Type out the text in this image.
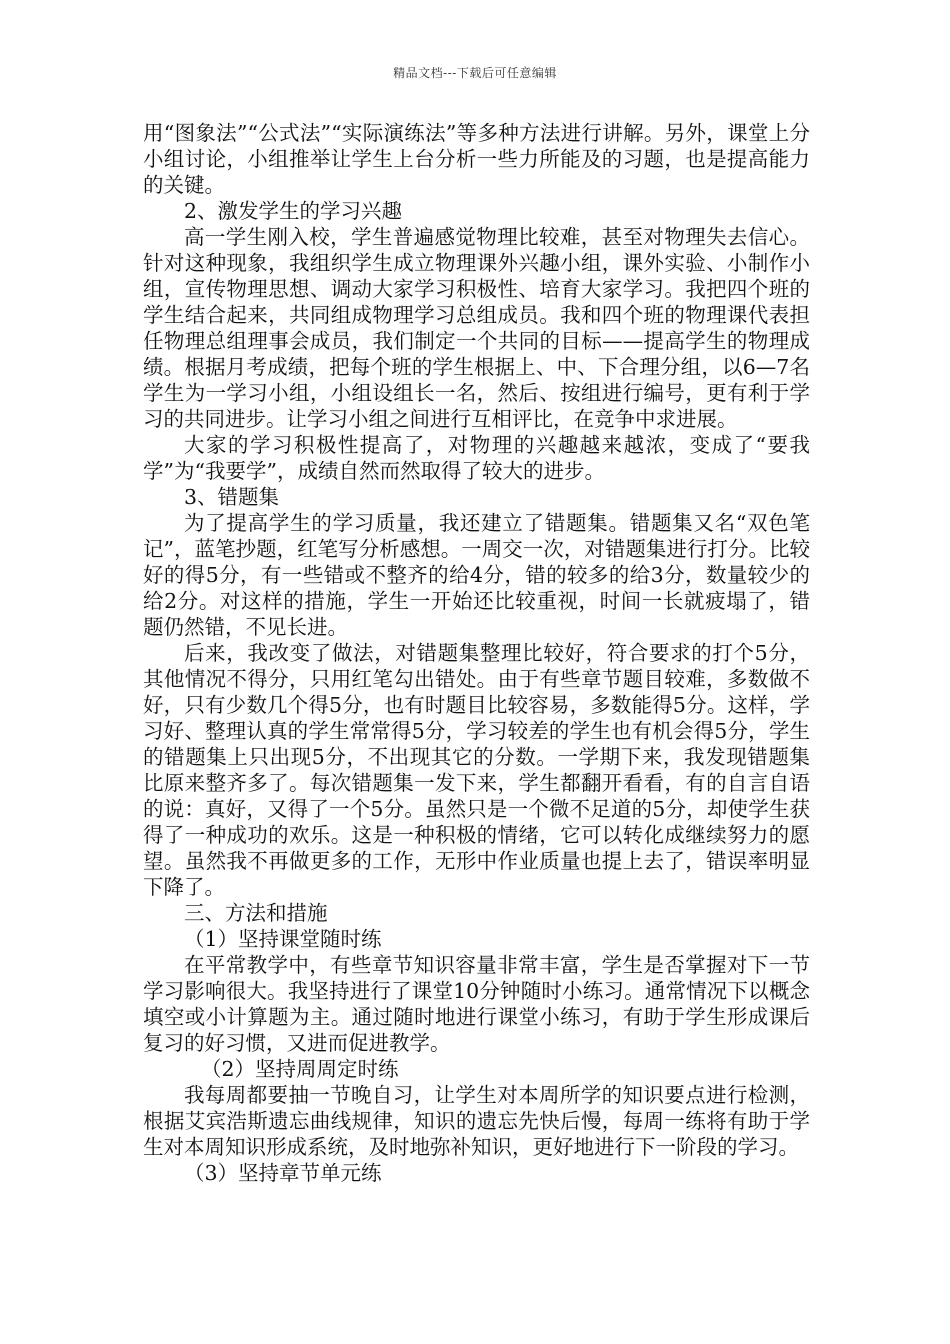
精品文档---下载后可任意编辑

用“图象法”“公式法”“实际演练法”等多种方法进行讲解。另外，课堂上分小组讨论，小组推举让学生上台分析一些力所能及的习题，也是提高能力的关键。

2、激发学生的学习兴趣

高一学生刚入校，学生普遍感觉物理比较难，甚至对物理失去信心。针对这种现象，我组织学生成立物理课外兴趣小组，课外实验、小制作小组，宣传物理思想、调动大家学习积极性、培育大家学习。我把四个班的学生结合起来，共同组成物理学习总组成员。我和四个班的物理课代表担任物理总组理事会成员，我们制定一个共同的目标——提高学生的物理成绩。根据月考成绩，把每个班的学生根据上、中、下合理分组，以6—7名学生为一学习小组，小组设组长一名，然后、按组进行编号，更有利于学习的共同进步。让学习小组之间进行互相评比，在竞争中求进展。

大家的学习积极性提高了，对物理的兴趣越来越浓，变成了“要我学”为“我要学”，成绩自然而然取得了较大的进步。

3、错题集

为了提高学生的学习质量，我还建立了错题集。错题集又名“双色笔记”，蓝笔抄题，红笔写分析感想。一周交一次，对错题集进行打分。比较好的得5分，有一些错或不整齐的给4分，错的较多的给3分，数量较少的给2分。对这样的措施，学生一开始还比较重视，时间一长就疲塌了，错题仍然错，不见长进。

后来，我改变了做法，对错题集整理比较好，符合要求的打个5分，其他情况不得分，只用红笔勾出错处。由于有些章节题目较难，多数做不好，只有少数几个得5分，也有时题目比较容易，多数能得5分。这样，学习好、整理认真的学生常常得5分，学习较差的学生也有机会得5分，学生的错题集上只出现5分，不出现其它的分数。一学期下来，我发现错题集比原来整齐多了。每次错题集一发下来，学生都翻开看看，有的自言自语的说：真好，又得了一个5分。虽然只是一个微不足道的5分，却使学生获得了一种成功的欢乐。这是一种积极的情绪，它可以转化成继续努力的愿望。虽然我不再做更多的工作，无形中作业质量也提上去了，错误率明显下降了。

三、方法和措施

（1）坚持课堂随时练

在平常教学中，有些章节知识容量非常丰富，学生是否掌握对下一节学习影响很大。我坚持进行了课堂10分钟随时小练习。通常情况下以概念填空或小计算题为主。通过随时地进行课堂小练习，有助于学生形成课后复习的好习惯，又进而促进教学。

（2）坚持周周定时练

我每周都要抽一节晚自习，让学生对本周所学的知识要点进行检测，根据艾宾浩斯遗忘曲线规律，知识的遗忘先快后慢，每周一练将有助于学生对本周知识形成系统，及时地弥补知识，更好地进行下一阶段的学习。

（3）坚持章节单元练
